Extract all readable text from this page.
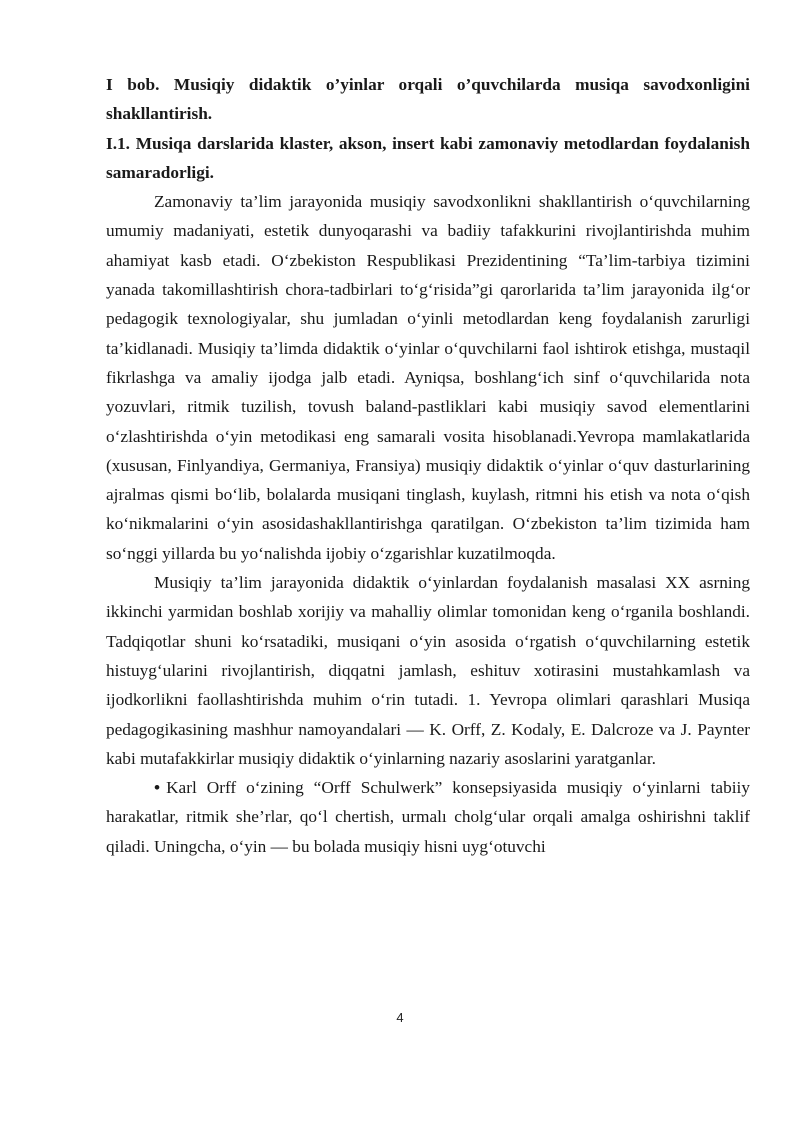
I bob. Musiqiy didaktik o’yinlar orqali o’quvchilarda musiqa savodxonligini shakllantirish.

I.1. Musiqa darslarida klaster, akson, insert kabi zamonaviy metodlardan foydalanish samaradorligi.

Zamonaviy ta’lim jarayonida musiqiy savodxonlikni shakllantirish o‘quvchilarning umumiy madaniyati, estetik dunyoqarashi va badiiy tafakkurini rivojlantirishda muhim ahamiyat kasb etadi. O‘zbekiston Respublikasi Prezidentining “Ta’lim-tarbiya tizimini yanada takomillashtirish chora-tadbirlari to‘g‘risida”gi qarorlarida ta’lim jarayonida ilg‘or pedagogik texnologiyalar, shu jumladan o‘yinli metodlardan keng foydalanish zarurligi ta’kidlanadi. Musiqiy ta’limda didaktik o‘yinlar o‘quvchilarni faol ishtirok etishga, mustaqil fikrlashga va amaliy ijodga jalb etadi. Ayniqsa, boshlang‘ich sinf o‘quvchilarida nota yozuvlari, ritmik tuzilish, tovush baland-pastliklari kabi musiqiy savod elementlarini o‘zlashtirishda o‘yin metodikasi eng samarali vosita hisoblanadi.Yevropa mamlakatlarida (xususan, Finlyandiya, Germaniya, Fransiya) musiqiy didaktik o‘yinlar o‘quv dasturlarining ajralmas qismi bo‘lib, bolalarda musiqani tinglash, kuylash, ritmni his etish va nota o‘qish ko‘nikmalarini o‘yin asosidashakllantirishga qaratilgan. O‘zbekiston ta’lim tizimida ham so‘nggi yillarda bu yo‘nalishda ijobiy o‘zgarishlar kuzatilmoqda.

Musiqiy ta’lim jarayonida didaktik o‘yinlardan foydalanish masalasi XX asrning ikkinchi yarmidan boshlab xorijiy va mahalliy olimlar tomonidan keng o‘rganila boshlandi. Tadqiqotlar shuni ko‘rsatadiki, musiqani o‘yin asosida o‘rgatish o‘quvchilarning estetik histuyg‘ularini rivojlantirish, diqqatni jamlash, eshituv xotirasini mustahkamlash va ijodkorlikni faollashtirishda muhim o‘rin tutadi. 1. Yevropa olimlari qarashlari Musiqa pedagogikasining mashhur namoyandalari — K. Orff, Z. Kodaly, E. Dalcroze va J. Paynter kabi mutafakkirlar musiqiy didaktik o‘yinlarning nazariy asoslarini yaratganlar.

• Karl Orff o‘zining “Orff Schulwerk” konsepsiyasida musiqiy o‘yinlarni tabiiy harakatlar, ritmik she’rlar, qo‘l chertish, urmalı cholg‘ular orqali amalga oshirishni taklif qiladi. Uningcha, o‘yin — bu bolada musiqiy hisni uyg‘otuvchi

4
